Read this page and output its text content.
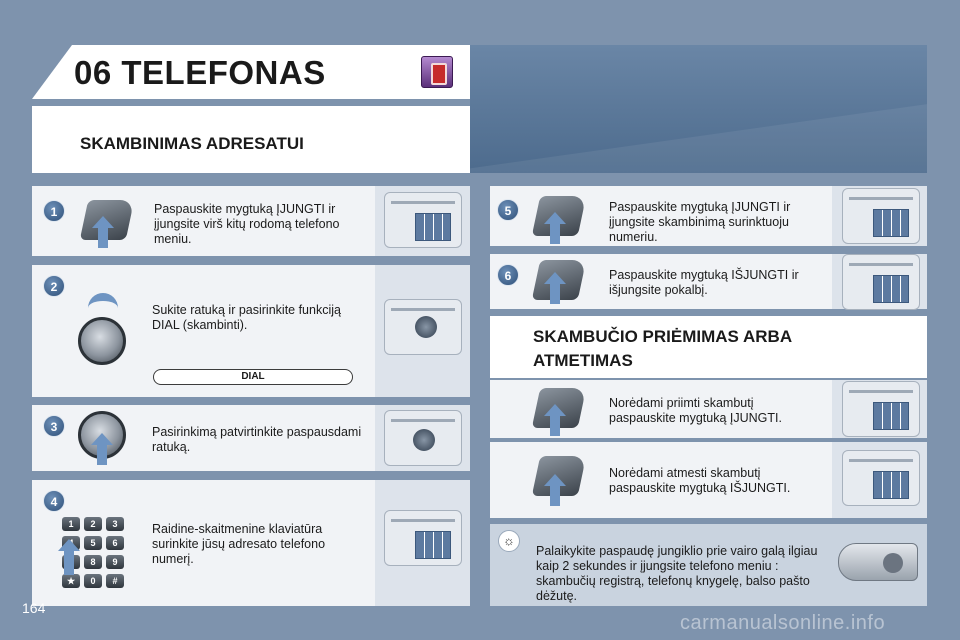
06 TELEFONAS
SKAMBINIMAS ADRESATUI
1	Paspauskite mygtuką ĮJUNGTI ir įjungsite virš kitų rodomą telefono meniu.
2
Sukite ratuką ir pasirinkite funkciją DIAL (skambinti).
DIAL
3	Pasirinkimą patvirtinkite paspausdami ratuką.
4
Raidine-skaitmenine klaviatūra surinkite jūsų adresato telefono numerį.
1	2	3
5	6
8	9
★	0	#
5	Paspauskite mygtuką ĮJUNGTI ir įjungsite skambinimą surinktuoju numeriu.
6	Paspauskite mygtuką IŠJUNGTI ir išjungsite pokalbį.
SKAMBUČIO PRIĖMIMAS ARBA ATMETIMAS
Norėdami priimti skambutį paspauskite mygtuką ĮJUNGTI.
Norėdami atmesti skambutį paspauskite mygtuką IŠJUNGTI.
☼
Palaikykite paspaudę jungiklio prie vairo galą ilgiau kaip 2 sekundes ir įjungsite telefono meniu : skambučių registrą, telefonų knygelę, balso pašto dėžutę.
164
carmanualsonline.info
